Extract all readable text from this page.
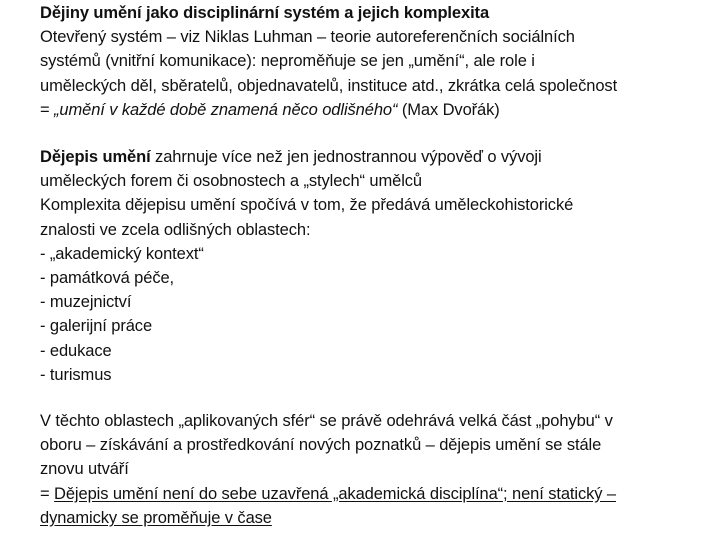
Dějiny umění jako disciplinární systém a jejich komplexita
Otevřený systém – viz Niklas Luhman – teorie autoreferenčních sociálních
systémů (vnitřní komunikace): neproměňuje se jen „umění“, ale role i
uměleckých děl, sběratelů, objednavatelů, instituce atd., zkrátka celá společnost
= „umění v každé době znamená něco odlišného“ (Max Dvořák)
Dějepis umění zahrnuje více než jen jednostrannou výpověď o vývoji
uměleckých forem či osobnostech a „stylech“ umělců
Komplexita dějepisu umění spočívá v tom, že předává uměleckohistorické
znalosti ve zcela odlišných oblastech:
- „akademický kontext“
- památková péče,
- muzejnictví
- galerijní práce
- edukace
- turismus
V těchto oblastech „aplikovaných sfér“ se právě odehrává velká část „pohybu“ v
oboru – získávání a prostředkování nových poznatků – dějepis umění se stále
znovu utváří
= Dějepis umění není do sebe uzavřená „akademická disciplína“; není statický –
dynamicky se proměňuje v čase
